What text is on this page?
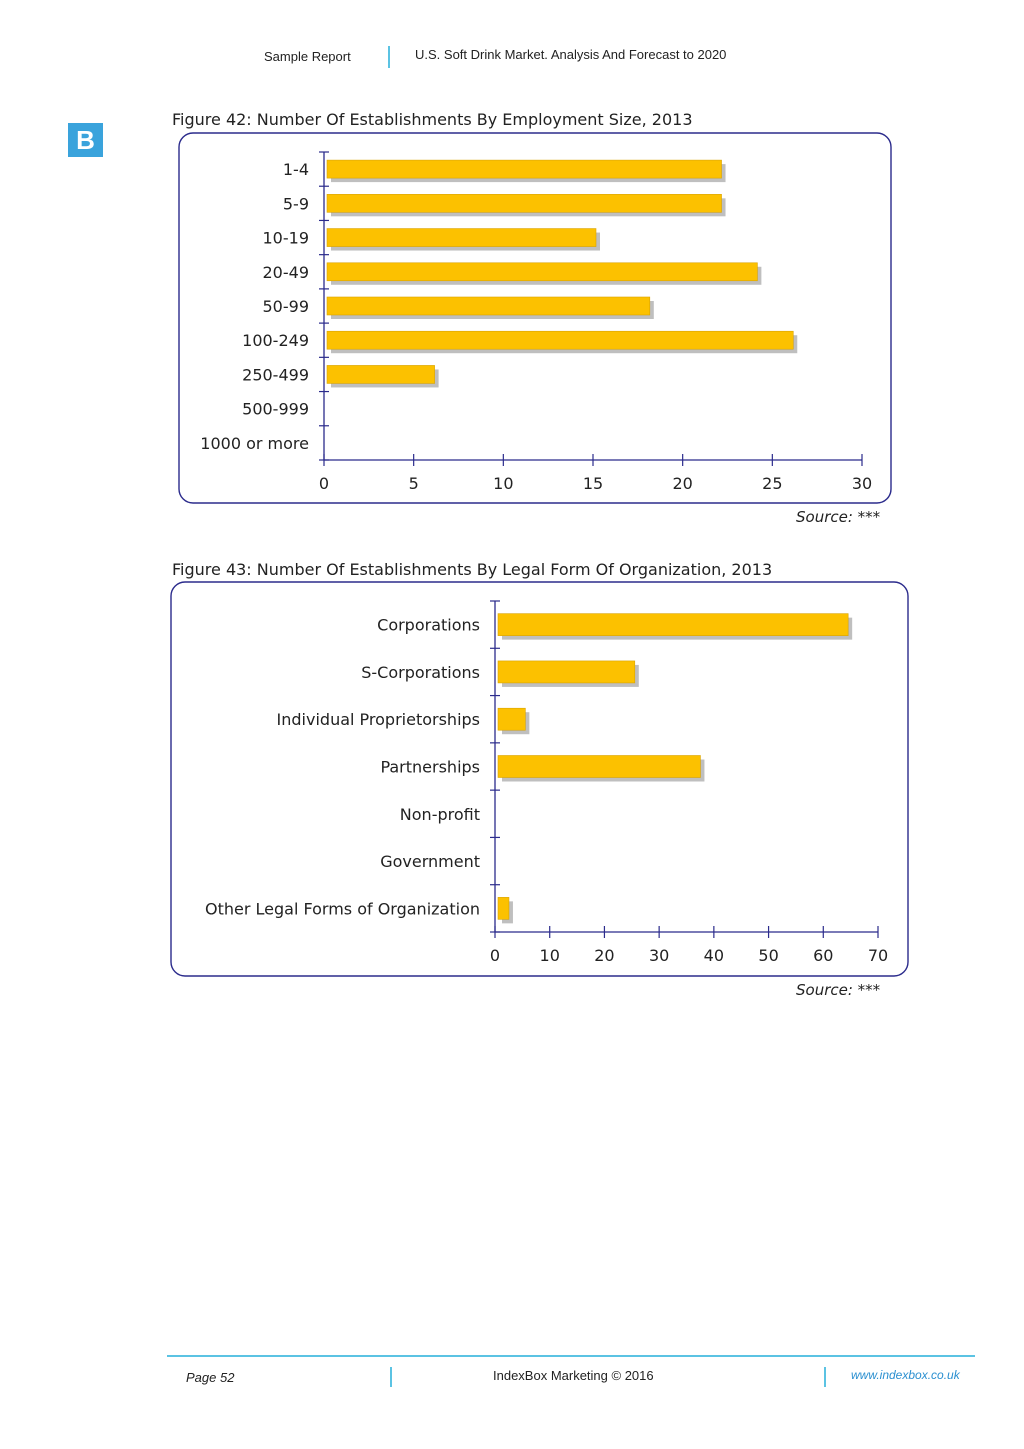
Sample Report	U.S. Soft Drink Market. Analysis And Forecast to 2020
B
Figure 42: Number Of Establishments By Employment Size, 2013
Figure 43: Number Of Establishments By Legal Form Of Organization, 2013
0	5	10	15	20	25	30
1-4
5-9
10-19
20-49
50-99
100-249
250-499
500-999
1000 or more
0 10 20 30 40 50 60 70
Corporations
S-Corporations
Individual Proprietorships
Partnerships
Non-profit
Government
Other Legal Forms of Organization
Source: ***
Source: ***
Page 52	IndexBox Marketing © 2016	www.indexbox.co.uk
